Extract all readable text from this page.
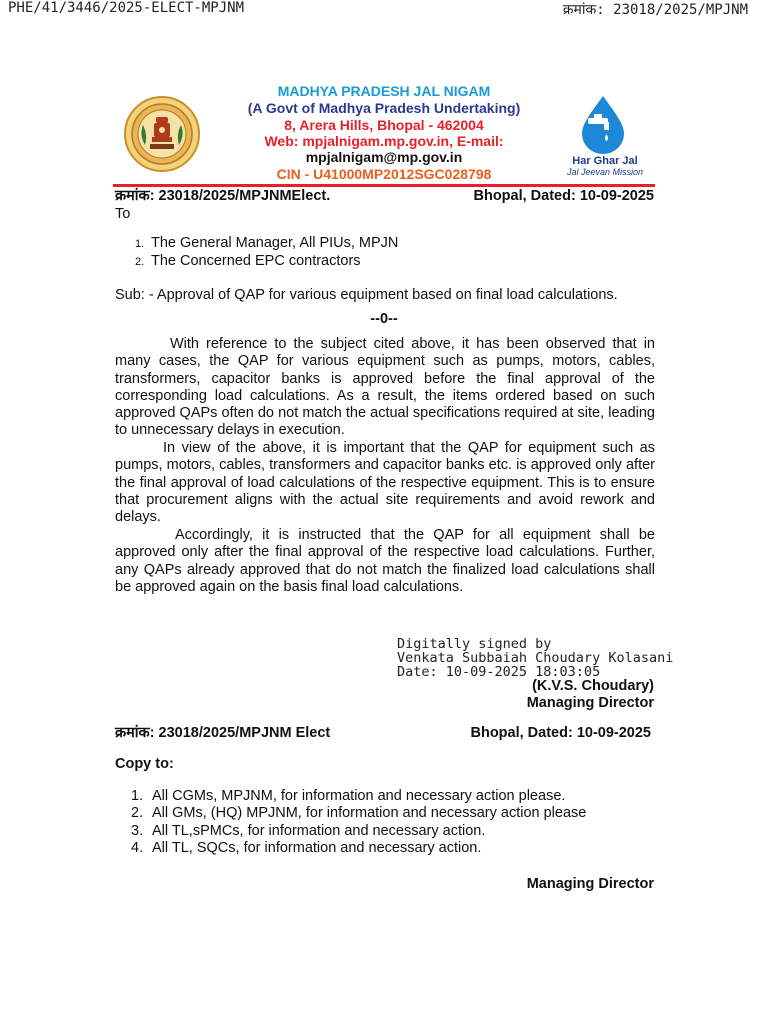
PHE/41/3446/2025-ELECT-MPJNM	क्रमांक: 23018/2025/MPJNM
MADHYA PRADESH JAL NIGAM
(A Govt of Madhya Pradesh Undertaking)
8, Arera Hills, Bhopal - 462004
Web: mpjalnigam.mp.gov.in, E-mail:
mpjalnigam@mp.gov.in
CIN - U41000MP2012SGC028798
Har Ghar Jal
Jal Jeevan Mission
क्रमांक: 23018/2025/MPJNMElect.	Bhopal, Dated: 10-09-2025
To
1. The General Manager, All PIUs, MPJN
2. The Concerned EPC contractors
Sub: - Approval of QAP for various equipment based on final load calculations.
--0--
With reference to the subject cited above, it has been observed that in many cases, the QAP for various equipment such as pumps, motors, cables, transformers, capacitor banks is approved before the final approval of the corresponding load calculations. As a result, the items ordered based on such approved QAPs often do not match the actual specifications required at site, leading to unnecessary delays in execution.
In view of the above, it is important that the QAP for equipment such as pumps, motors, cables, transformers and capacitor banks etc. is approved only after the final approval of load calculations of the respective equipment. This is to ensure that procurement aligns with the actual site requirements and avoid rework and delays.
Accordingly, it is instructed that the QAP for all equipment shall be approved only after the final approval of the respective load calculations. Further, any QAPs already approved that do not match the finalized load calculations shall be approved again on the basis final load calculations.
Digitally signed by
Venkata Subbaiah Choudary Kolasani
Date: 10-09-2025 18:03:05
(K.V.S. Choudary)
Managing Director
क्रमांक: 23018/2025/MPJNM Elect	Bhopal, Dated: 10-09-2025
Copy to:
1. All CGMs, MPJNM, for information and necessary action please.
2. All GMs, (HQ) MPJNM, for information and necessary action please
3. All TL,sPMCs, for information and necessary action.
4. All TL, SQCs, for information and necessary action.
Managing Director
